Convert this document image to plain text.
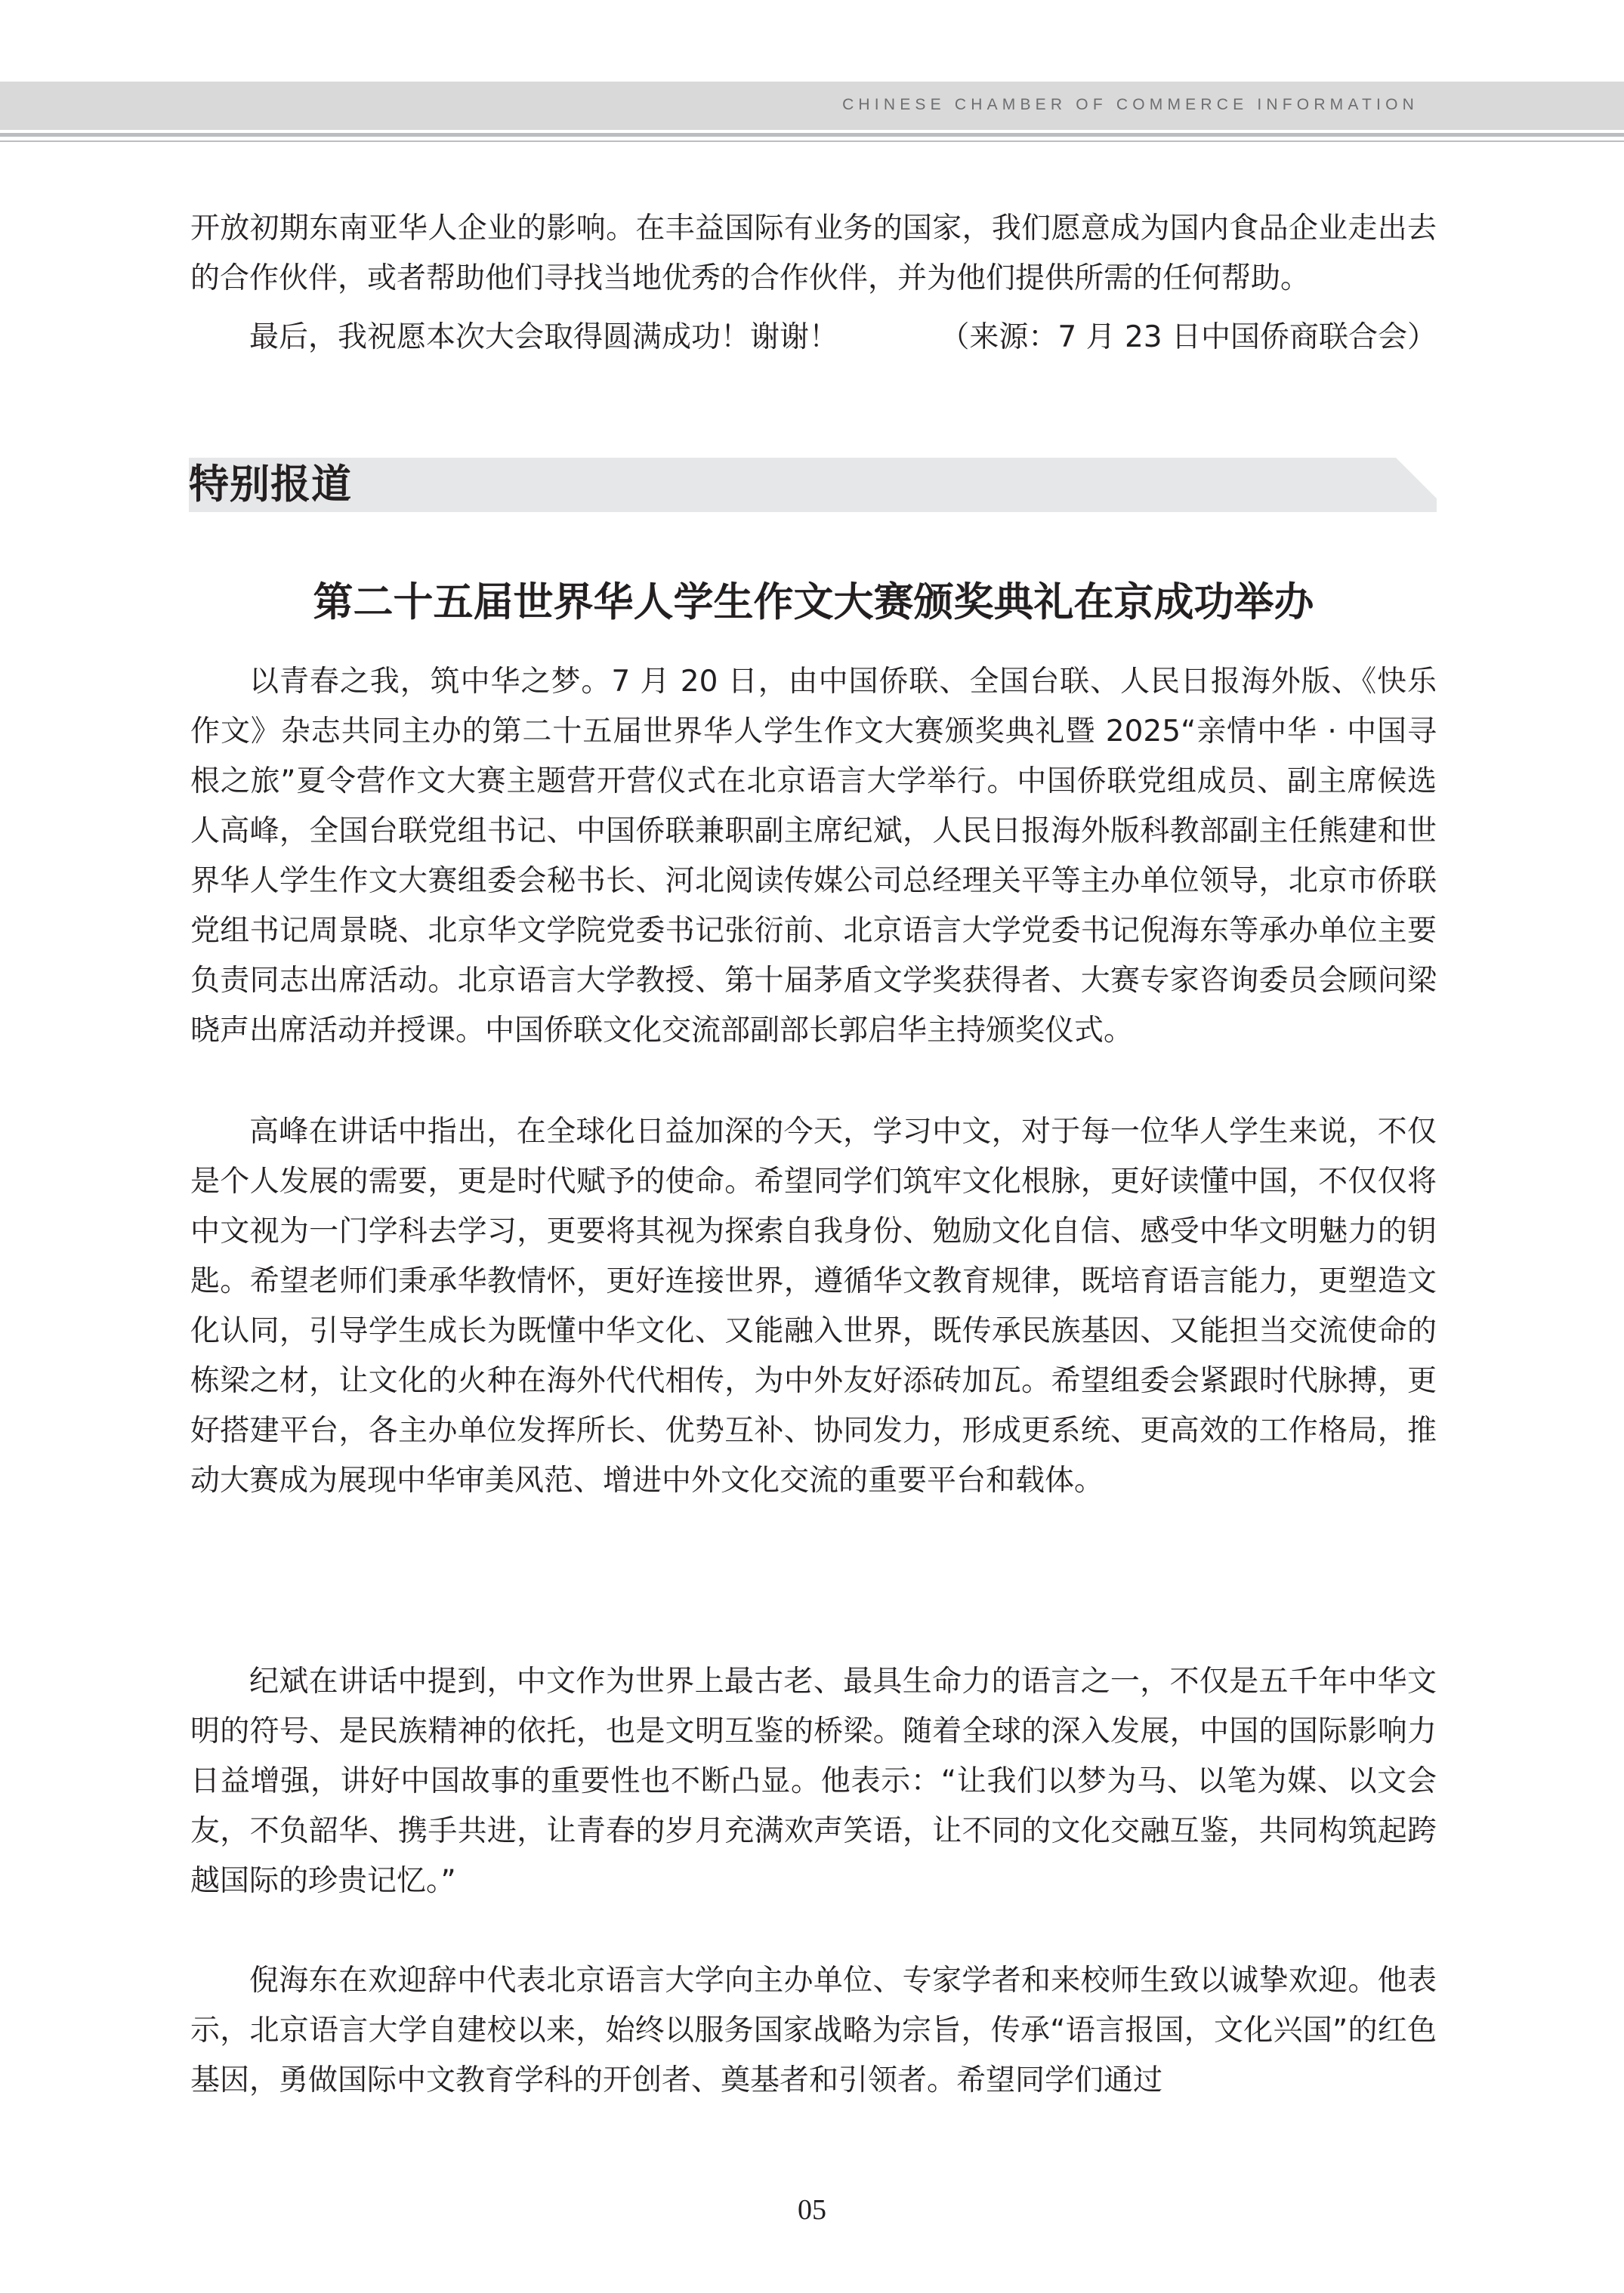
CHINESE CHAMBER OF COMMERCE INFORMATION

开放初期东南亚华人企业的影响。在丰益国际有业务的国家，我们愿意成为国内食品企业走出去的合作伙伴，或者帮助他们寻找当地优秀的合作伙伴，并为他们提供所需的任何帮助。

最后，我祝愿本次大会取得圆满成功！谢谢！	（来源：7 月 23 日中国侨商联合会）
特别报道
第二十五届世界华人学生作文大赛颁奖典礼在京成功举办

以青春之我，筑中华之梦。7 月 20 日，由中国侨联、全国台联、人民日报海外版、《快乐作文》杂志共同主办的第二十五届世界华人学生作文大赛颁奖典礼暨 2025“亲情中华 · 中国寻根之旅”夏令营作文大赛主题营开营仪式在北京语言大学举行。中国侨联党组成员、副主席候选人高峰，全国台联党组书记、中国侨联兼职副主席纪斌，人民日报海外版科教部副主任熊建和世界华人学生作文大赛组委会秘书长、河北阅读传媒公司总经理关平等主办单位领导，北京市侨联党组书记周景晓、北京华文学院党委书记张衍前、北京语言大学党委书记倪海东等承办单位主要负责同志出席活动。北京语言大学教授、第十届茅盾文学奖获得者、大赛专家咨询委员会顾问梁晓声出席活动并授课。中国侨联文化交流部副部长郭启华主持颁奖仪式。

高峰在讲话中指出，在全球化日益加深的今天，学习中文，对于每一位华人学生来说，不仅是个人发展的需要，更是时代赋予的使命。希望同学们筑牢文化根脉，更好读懂中国，不仅仅将中文视为一门学科去学习，更要将其视为探索自我身份、勉励文化自信、感受中华文明魅力的钥匙。希望老师们秉承华教情怀，更好连接世界，遵循华文教育规律，既培育语言能力，更塑造文化认同，引导学生成长为既懂中华文化、又能融入世界，既传承民族基因、又能担当交流使命的栋梁之材，让文化的火种在海外代代相传，为中外友好添砖加瓦。希望组委会紧跟时代脉搏，更好搭建平台，各主办单位发挥所长、优势互补、协同发力，形成更系统、更高效的工作格局，推动大赛成为展现中华审美风范、增进中外文化交流的重要平台和载体。

纪斌在讲话中提到，中文作为世界上最古老、最具生命力的语言之一，不仅是五千年中华文明的符号、是民族精神的依托，也是文明互鉴的桥梁。随着全球的深入发展，中国的国际影响力日益增强，讲好中国故事的重要性也不断凸显。他表示：“让我们以梦为马、以笔为媒、以文会友，不负韶华、携手共进，让青春的岁月充满欢声笑语，让不同的文化交融互鉴，共同构筑起跨越国际的珍贵记忆。”

倪海东在欢迎辞中代表北京语言大学向主办单位、专家学者和来校师生致以诚挚欢迎。他表示，北京语言大学自建校以来，始终以服务国家战略为宗旨，传承“语言报国，文化兴国”的红色基因，勇做国际中文教育学科的开创者、奠基者和引领者。希望同学们通过

05
